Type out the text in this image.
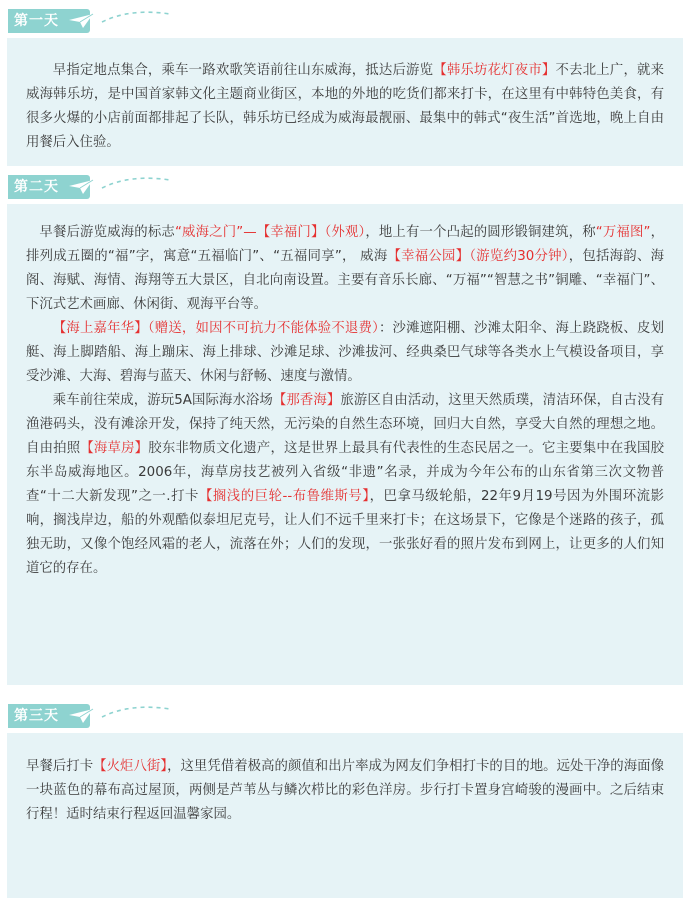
第一天

早指定地点集合，乘车一路欢歌笑语前往山东威海，抵达后游览【韩乐坊花灯夜市】不去北上广，就来威海韩乐坊，是中国首家韩文化主题商业街区，本地的外地的吃货们都来打卡，在这里有中韩特色美食，有很多火爆的小店前面都排起了长队，韩乐坊已经成为威海最靓丽、最集中的韩式“夜生活”首选地，晚上自由用餐后入住验。

第二天

早餐后游览威海的标志“威海之门”—【幸福门】（外观），地上有一个凸起的圆形锻铜建筑，称“万福图”，排列成五圈的“福”字，寓意“五福临门”、“五福同享”， 威海【幸福公园】（游览约30分钟），包括海韵、海阁、海赋、海情、海翔等五大景区，自北向南设置。主要有音乐长廊、“万福”“智慧之书”铜雕、“幸福门”、下沉式艺术画廊、休闲街、观海平台等。

【海上嘉年华】（赠送，如因不可抗力不能体验不退费）：沙滩遮阳棚、沙滩太阳伞、海上跷跷板、皮划艇、海上脚踏船、海上蹦床、海上排球、沙滩足球、沙滩拔河、经典桑巴气球等各类水上气模设备项目，享受沙滩、大海、碧海与蓝天、休闲与舒畅、速度与激情。

乘车前往荣成，游玩5A国际海水浴场【那香海】旅游区自由活动，这里天然质璞，清洁环保，自古没有渔港码头，没有滩涂开发，保持了纯天然，无污染的自然生态环境，回归大自然，享受大自然的理想之地。自由拍照【海草房】胶东非物质文化遗产，这是世界上最具有代表性的生态民居之一。它主要集中在我国胶东半岛威海地区。2006年，海草房技艺被列入省级“非遗”名录，并成为今年公布的山东省第三次文物普查“十二大新发现”之一.打卡【搁浅的巨轮--布鲁维斯号】，巴拿马级轮船，22年9月19号因为外围环流影响，搁浅岸边，船的外观酷似泰坦尼克号，让人们不远千里来打卡；在这场景下，它像是个迷路的孩子，孤独无助，又像个饱经风霜的老人，流落在外；人们的发现，一张张好看的照片发布到网上，让更多的人们知道它的存在。

第三天

早餐后打卡【火炬八街】，这里凭借着极高的颜值和出片率成为网友们争相打卡的目的地。远处干净的海面像一块蓝色的幕布高过屋顶，两侧是芦苇丛与鳞次栉比的彩色洋房。步行打卡置身宫崎骏的漫画中。之后结束行程！适时结束行程返回温馨家园。
